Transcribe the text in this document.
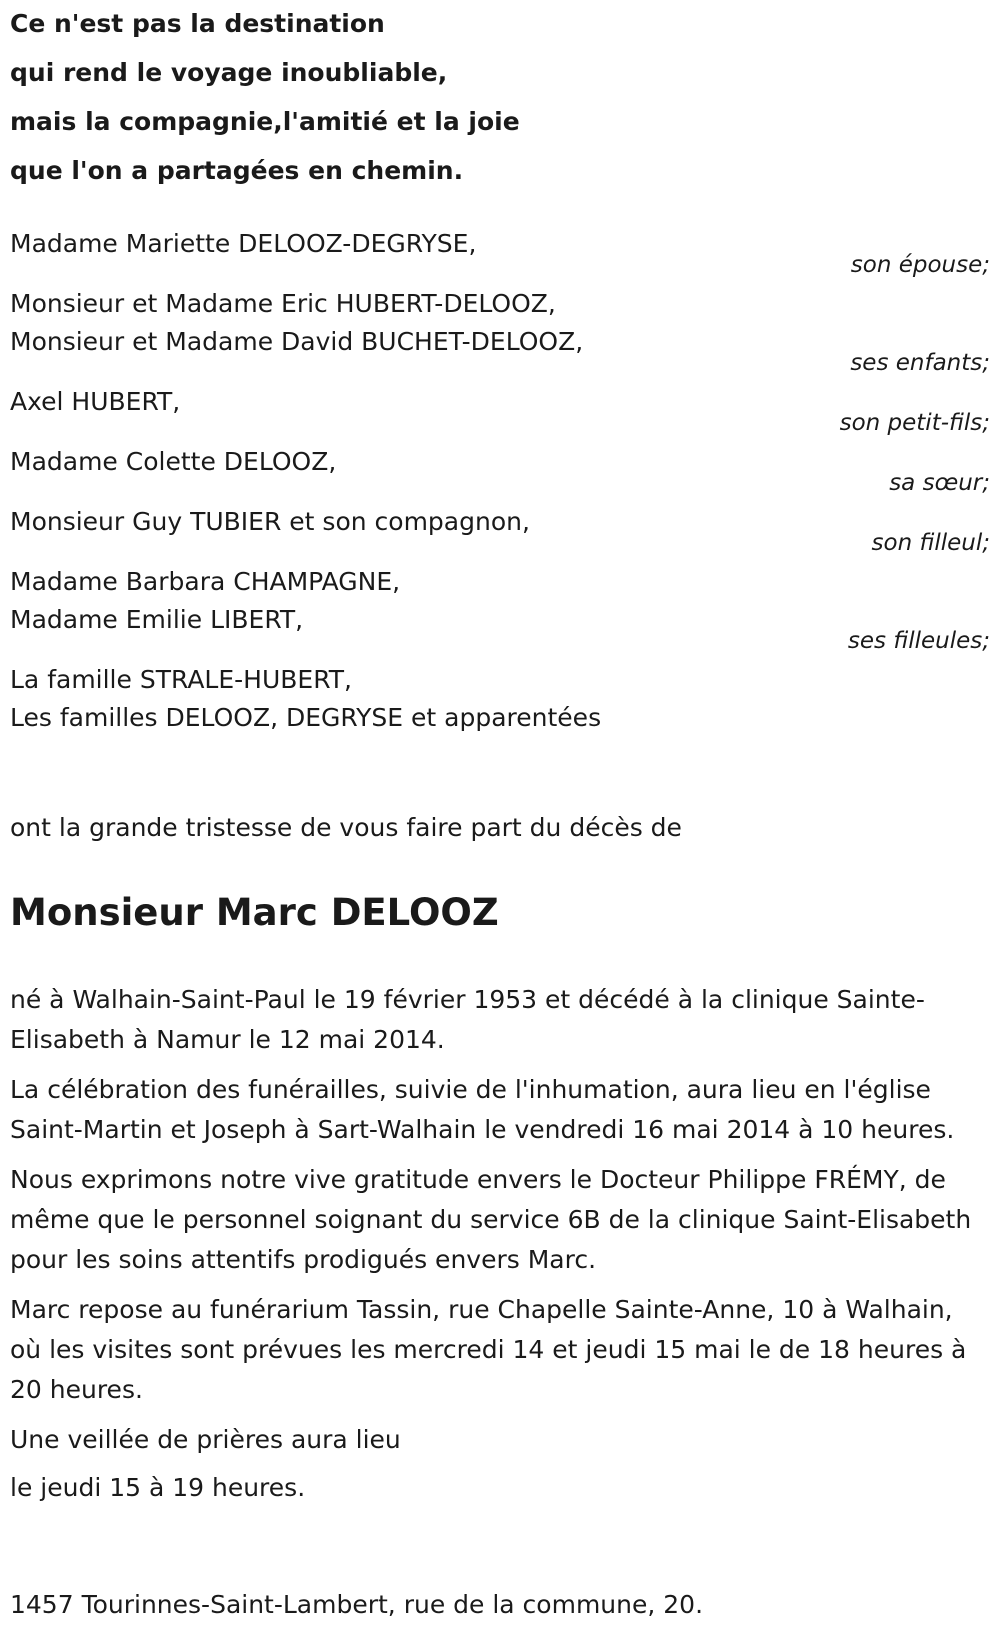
Ce n'est pas la destination
qui rend le voyage inoubliable,
mais la compagnie,l'amitié et la joie
que l'on a partagées en chemin.
Madame Mariette DELOOZ-DEGRYSE,
son épouse;
Monsieur et Madame Eric HUBERT-DELOOZ,
Monsieur et Madame David BUCHET-DELOOZ,
ses enfants;
Axel HUBERT,
son petit-fils;
Madame Colette DELOOZ,
sa sœur;
Monsieur Guy TUBIER et son compagnon,
son filleul;
Madame Barbara CHAMPAGNE,
Madame Emilie LIBERT,
ses filleules;
La famille STRALE-HUBERT,
Les familles DELOOZ, DEGRYSE et apparentées
ont la grande tristesse de vous faire part du décès de
Monsieur Marc DELOOZ

né à Walhain-Saint-Paul le 19 février 1953 et décédé à la clinique Sainte-Elisabeth à Namur le 12 mai 2014.

La célébration des funérailles, suivie de l'inhumation, aura lieu en l'église Saint-Martin et Joseph à Sart-Walhain le vendredi 16 mai 2014 à 10 heures.

Nous exprimons notre vive gratitude envers le Docteur Philippe FRÉMY, de même que le personnel soignant du service 6B de la clinique Saint-Elisabeth pour les soins attentifs prodigués envers Marc.

Marc repose au funérarium Tassin, rue Chapelle Sainte-Anne, 10 à Walhain, où les visites sont prévues les mercredi 14 et jeudi 15 mai le de 18 heures à 20 heures.

Une veillée de prières aura lieu

le jeudi 15 à 19 heures.

1457 Tourinnes-Saint-Lambert, rue de la commune, 20.
